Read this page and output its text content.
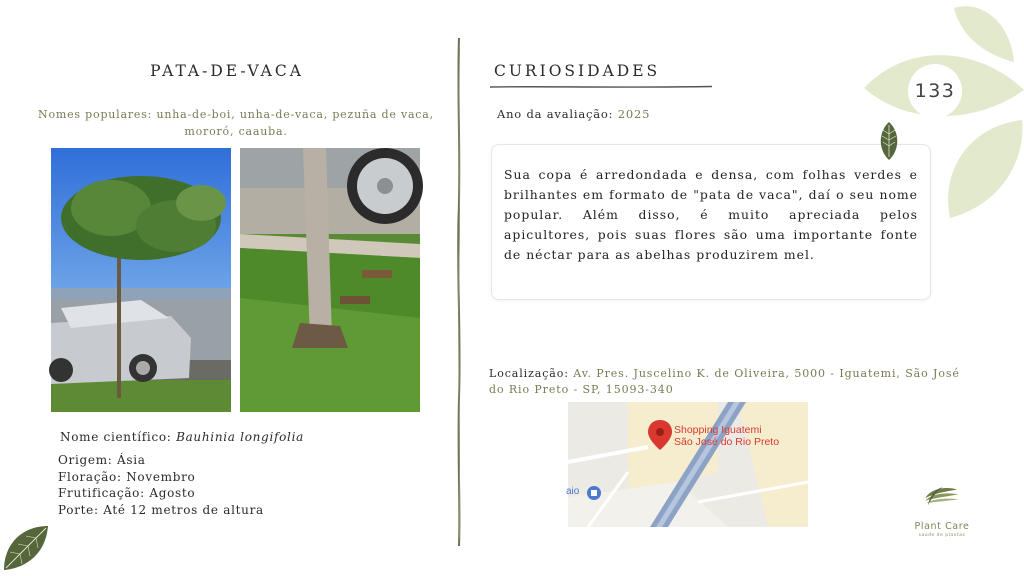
PATA-DE-VACA
Nomes populares: unha-de-boi, unha-de-vaca, pezuña de vaca, mororó, caauba.
Nome científico: Bauhinia longifolia
Origem: Ásia
Floração: Novembro
Frutificação: Agosto
Porte: Até 12 metros de altura
CURIOSIDADES
Ano da avaliação: 2025

Sua copa é arredondada e densa, com folhas verdes e brilhantes em formato de "pata de vaca", daí o seu nome popular. Além disso, é muito apreciada pelos apicultores, pois suas flores são uma importante fonte de néctar para as abelhas produzirem mel.

Localização: Av. Pres. Juscelino K. de Oliveira, 5000 - Iguatemi, São José do Rio Preto - SP, 15093-340
Shopping Iguatemi
São José do Rio Preto
aio
133
Plant Care
saúde de plantas
